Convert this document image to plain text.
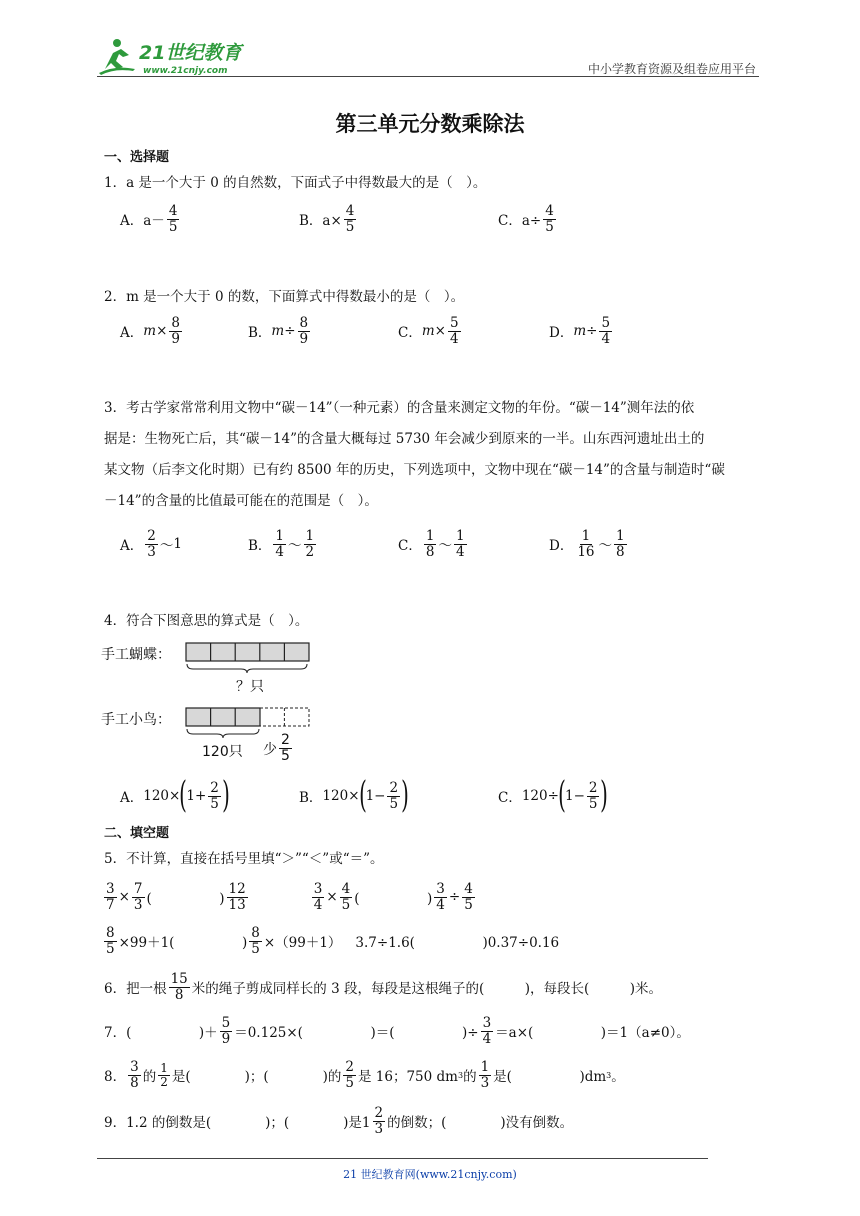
21世纪教育
www.21cnjy.com	中小学教育资源及组卷应用平台
第三单元分数乘除法
一、选择题
1．a 是一个大于 0 的自然数，下面式子中得数最大的是（　）。
A．$a- \frac{4}{5}$	B．$a\times \frac{4}{5}$	C．$a\div \frac{4}{5}$
2．m 是一个大于 0 的数，下面算式中得数最小的是（　）。
A． $m \times \frac{8}{9}$	B． $m \div \frac{8}{9}$	C． $m \times \frac{5}{4}$	D． $m \div \frac{5}{4}$
3．考古学家常常利用文物中“碳－14”（一种元素）的含量来测定文物的年份。“碳－14”测年法的依
据是：生物死亡后，其“碳－14”的含量大概每过 5730 年会减少到原来的一半。山东西河遗址出土的
某文物（后李文化时期）已有约 8500 年的历史，下列选项中，文物中现在“碳－14”的含量与制造时“碳
－14”的含量的比值最可能在的范围是（　）。
A． $\frac{2}{3}$ ～ 1	B． $\frac{1}{4}$ ～ $\frac{1}{2}$	C． $\frac{1}{8}$ ～ $\frac{1}{4}$	D． $\frac{1}{16}$ ～ $\frac{1}{8}$
4．符合下图意思的算式是（　）。
手工蝴蝶：
？只
手工小鸟：
120只 少 $\frac{2}{5}$
A． 120× ( $1+ \frac{2}{5}$ )	B． 120× ( $1- \frac{2}{5}$ )	C． 120÷ ( $1- \frac{2}{5}$ )
二、填空题
5．不计算，直接在括号里填“＞”“＜”或“＝”。
$\frac{3}{7} \times \frac{7}{3}$ (　　　　　) $\frac{12}{13}$	$\frac{3}{4} \times \frac{4}{5}$ (　　　　　) $\frac{3}{4} \div \frac{4}{5}$
$\frac{8}{5} \times 99+1$( 　　　　　) $\frac{8}{5} \times(99+1)$ 3.7÷1.6(　　　　　)0.37÷0.16
6．把一根 $\frac{15}{8}$ 米的绳子剪成同样长的 3 段，每段是这根绳子的(　　　)，每段长(　　　)米。
7．(　　　　　)＋ $\frac{5}{9} =0.125\times$(　　　　　)＝(　　　　　)÷ $\frac{3}{4} =a\times$(　　　　　)＝1（a≠0）。
8． $\frac{3}{8}$ 的 $\frac{1}{2}$ 是(　　　　)；(　　　　)的 $\frac{2}{5}$ 是 16；750 dm 3 的 $\frac{1}{3}$ 是(　　　　　)dm 3 。
9．1.2 的倒数是(　　　　)；(　　　　)是$1 \frac{2}{3}$ 的倒数；(　　　　)没有倒数。
21 世纪教育网(www.21cnjy.com)
